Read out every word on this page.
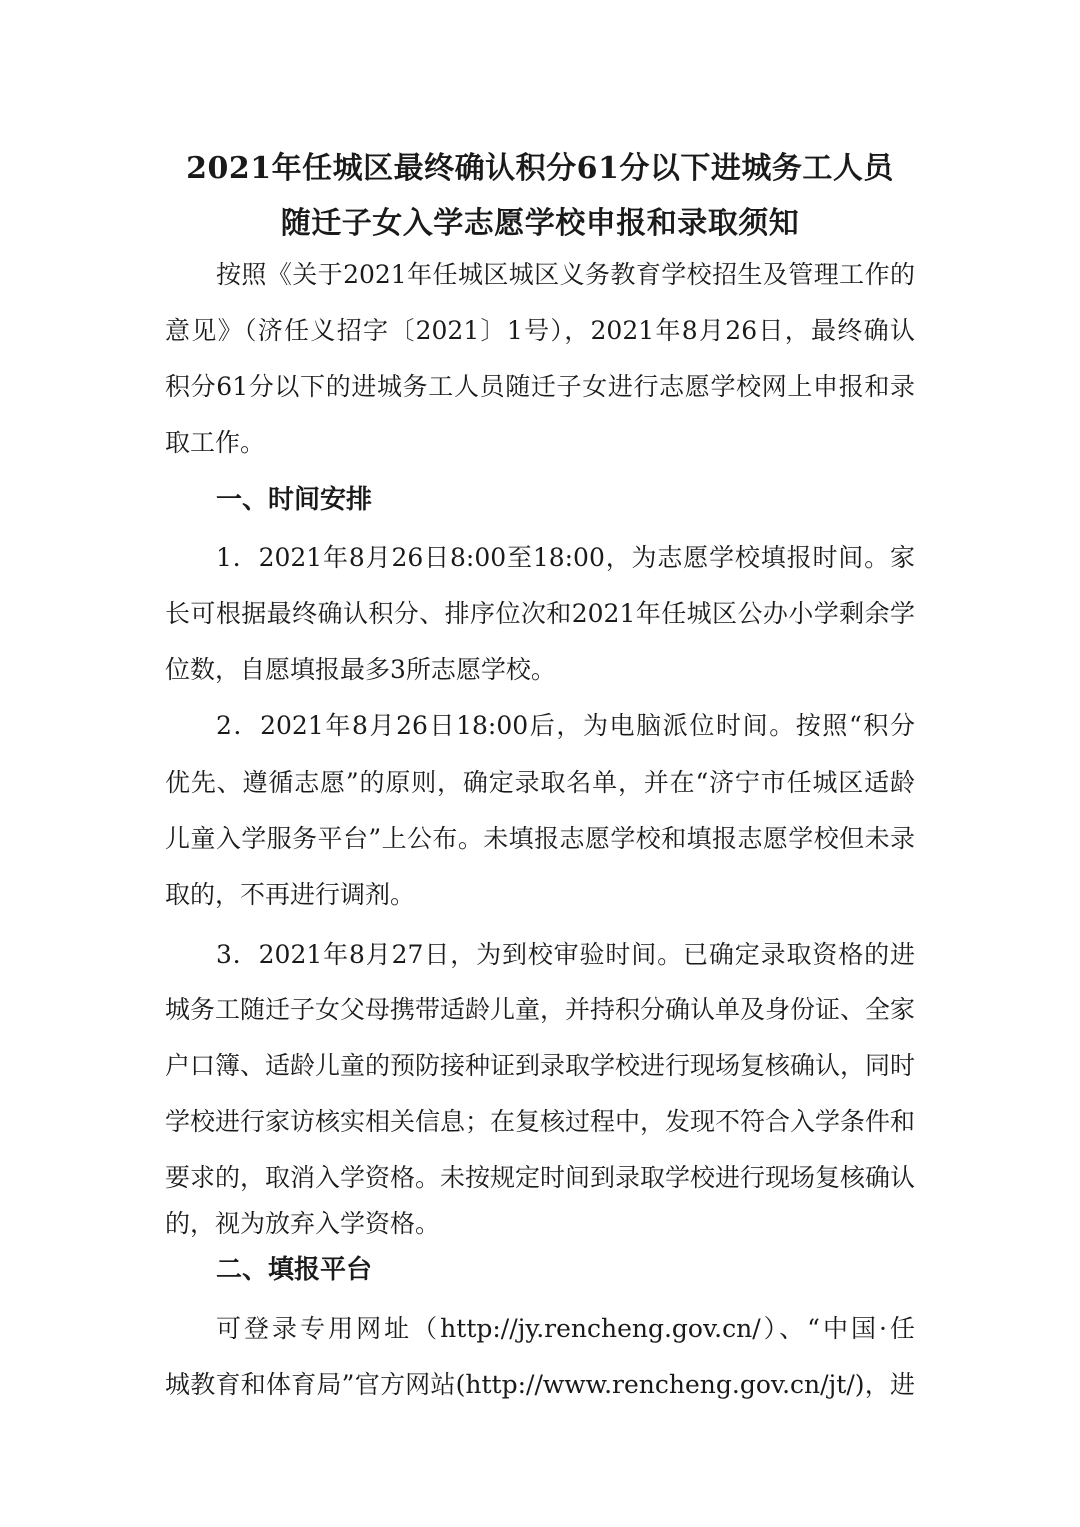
2021年任城区最终确认积分61分以下进城务工人员
随迁子女入学志愿学校申报和录取须知
按照《关于2021年任城区城区义务教育学校招生及管理工作的
意见》（济任义招字〔2021〕1号），2021年8月26日，最终确认
积分61分以下的进城务工人员随迁子女进行志愿学校网上申报和录
取工作。
一、时间安排
1．2021年8月26日8:00至18:00，为志愿学校填报时间。家
长可根据最终确认积分、排序位次和2021年任城区公办小学剩余学
位数，自愿填报最多3所志愿学校。
2．2021年8月26日18:00后，为电脑派位时间。按照“积分
优先、遵循志愿”的原则，确定录取名单，并在“济宁市任城区适龄
儿童入学服务平台”上公布。未填报志愿学校和填报志愿学校但未录
取的，不再进行调剂。
3．2021年8月27日，为到校审验时间。已确定录取资格的进
城务工随迁子女父母携带适龄儿童，并持积分确认单及身份证、全家
户口簿、适龄儿童的预防接种证到录取学校进行现场复核确认，同时
学校进行家访核实相关信息；在复核过程中，发现不符合入学条件和
要求的，取消入学资格。未按规定时间到录取学校进行现场复核确认
的，视为放弃入学资格。
二、填报平台
可登录专用网址（http://jy.rencheng.gov.cn/）、“中国·任
城教育和体育局”官方网站(http://www.rencheng.gov.cn/jt/)，进
